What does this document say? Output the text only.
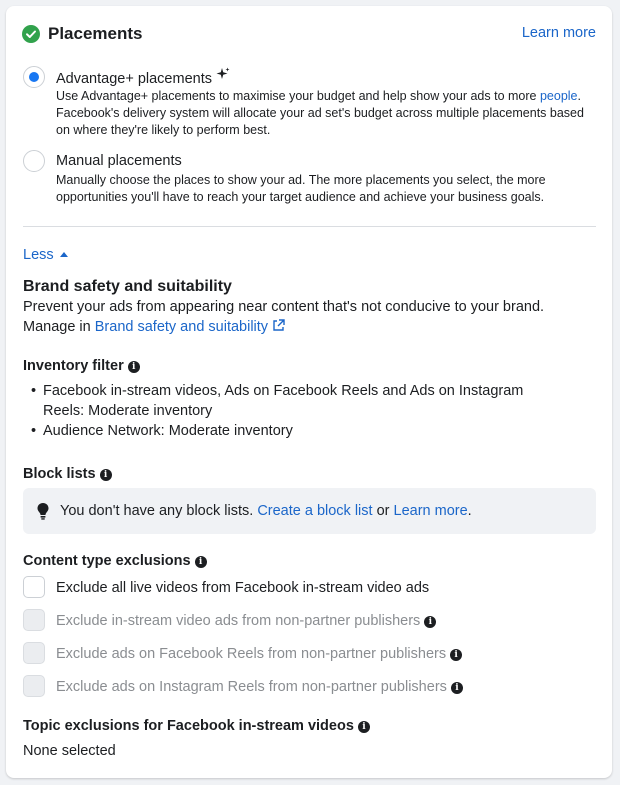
Placements	Learn more
Advantage+ placements
Use Advantage+ placements to maximise your budget and help show your ads to more people. Facebook's delivery system will allocate your ad set's budget across multiple placements based on where they're likely to perform best.
Manual placements
Manually choose the places to show your ad. The more placements you select, the more opportunities you'll have to reach your target audience and achieve your business goals.
Less
Brand safety and suitability
Prevent your ads from appearing near content that's not conducive to your brand.
Manage in Brand safety and suitability
Inventory filter i
• Facebook in-stream videos, Ads on Facebook Reels and Ads on Instagram Reels: Moderate inventory
• Audience Network: Moderate inventory
Block lists i
You don't have any block lists. Create a block list or Learn more.
Content type exclusions i
Exclude all live videos from Facebook in-stream video ads
Exclude in-stream video ads from non-partner publishers i
Exclude ads on Facebook Reels from non-partner publishers i
Exclude ads on Instagram Reels from non-partner publishers i
Topic exclusions for Facebook in-stream videos i
None selected
